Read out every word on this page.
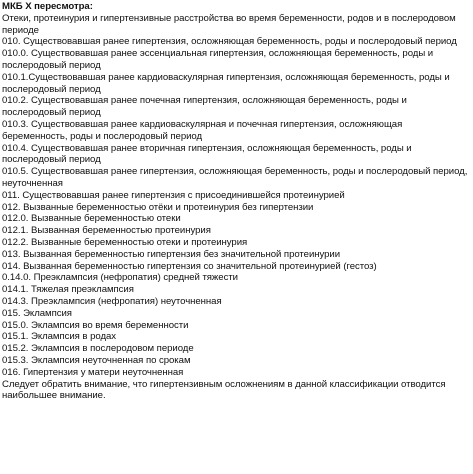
МКБ Х пересмотра:

Отеки, протеинурия и гипертензивные расстройства во время беременности, родов и в послеродовом периоде

010. Существовавшая ранее гипертензия, осложняющая беременность, роды и послеродовый период

010.0. Существовавшая ранее эссенциальная гипертензия, осложняющая беременность, роды и послеродовый период

010.1.Существовавшая ранее кардиоваскулярная гипертензия, осложняющая беременность, роды и послеродовый период

010.2. Существовавшая ранее почечная гипертензия, осложняющая беременность, роды и послеродовый период

010.3. Существовавшая ранее кардиоваскулярная и почечная гипертензия, осложняющая беременность, роды и послеродовый период

010.4. Существовавшая ранее вторичная гипертензия, осложняющая беременность, роды и послеродовый период

010.5. Существовавшая ранее гипертензия, осложняющая беременность, роды и послеродовый период, неуточненная

011. Существовавшая ранее гипертензия с присоединившейся протеинурией

012. Вызванные беременностью отёки и протеинурия без гипертензии

012.0. Вызванные беременностью отеки

012.1. Вызванная беременностью протеинурия

012.2. Вызванные беременностью отеки и протеинурия

013. Вызванная беременностью гипертензия без значительной протеинурии

014. Вызванная беременностью гипертензия со значительной протеинурией (гестоз)

0.14.0. Преэклампсия (нефропатия) средней тяжести

014.1. Тяжелая преэклампсия

014.3. Преэклампсия (нефропатия) неуточненная

015. Эклампсия

015.0. Эклампсия во время беременности

015.1. Эклампсия в родах

015.2. Эклампсия в послеродовом периоде

015.3. Эклампсия неуточненная по срокам

016. Гипертензия у матери неуточненная

Следует обратить внимание, что гипертензивным осложнениям в данной классификации отводится наибольшее внимание.
